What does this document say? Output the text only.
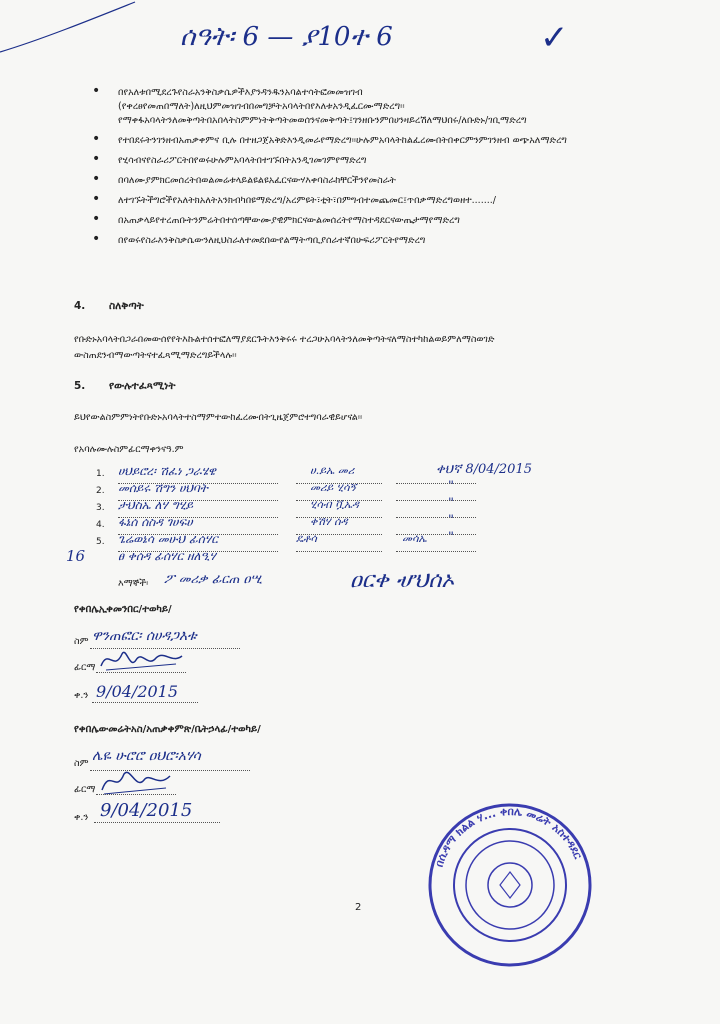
ሰዓት፡ 6 — ያ10ተ 6	✓
• በየአለቱበሚደረጉየስራአንቅስቃሴዎችእያንዳንዱንአባልተሳትፎመመዝገብ (የቀረፀየመጠበማለት)ለዚህምመዝገብበመግቻትአባላትበየእለቱአንዲፈርሙማድረግ፡፡የማቀፋአባላትንለመቅጣትበአበላትስምምነትቅጣትመወሰንናመቅጣት፤ገንዘቡንምበሀንዛይረሽለማህበሩ/ለቡድኑ/ገቢማድረግ
• የተበደሩትንገንዘብአጠቃቀምና ቢሉ በተዘጋጀአቅድእንዲመራየማድረግ፡፡ሁሉምአባላትከልፈረሙበትበቀርምንምገንዘብ ወጭአለማድረግ
• የሂሳብናየስራሪፖርትበየወሩሁሉምአባላትበተገኙበትአንዲገመገምየማድረግ
• በባለሙያምክርመሰረትበወልመሬቱላይልዩልዩአፈርናውሃእቀባስራከቸርችንየመስራት
• ለተገኙትችግሮችየአለትክአለትአንክብካበዩማድረግ/አረምዩት፣ቲት፣በምግብተመጨመር፤ጥበቃማድረግወዘተ......./
• በአጠቃላይየተረጠቡትንምሬትበተሰጣቸውሙያዊምክርናውልመሰረትየማስተዳደርናውጤታማየማድረግ
• በየወሩየስራእንቅስቃሴውንለዚህስራለተመደበውየልማትጣቢያሰራተኛበሁፍሪፖርትየማድረግ
4. ስለቅጣት
የቡድኑአባላትበጋራበመውሰየየትእኩልተሰተፎለማያደርጉትእንቅሩሩ ተረጋሁአባላትንለመቅጣትናለማስተካከልወይምለማስወገድ ውስጠደንብማውጣትናተፈጻሚማድረግይችላሉ፡፡
5. የውሉተፈጻሚነት
ይህየውልስምምነትየቡድኑአባላትተስማምተውከፈረሙበትጊዜጀምሮተግባራዊይሆናል፡፡
የአባሉሙሉስምፊርማቀንናዓ.ም
1. ሀህይሮረ፡ ሽፈነ ጋራሄዌ	ሀ.ይኤ መሪ	ቀህኛ 8/04/2015
2. መሰይሩ ሽግን ሀህባት	መሪይ ሂሳኝ	"
3. ታህስኤ ለሃ ግሂይ	ሂሳብ ቯኤዳ	"
4. ፋኔሰ ሰስዳ ገሀፍሀ	ቀሽሃ ሰዳ	"
5. ጌሬወኔሳ መሁህ ፊሰሃር	ዴቶሳ	መሳኤ "
16	ፀ ቀሰዳ ፊሰሃር ዘለዒሃ
እማኞች፡ ፖ መሪቃ ፊርጠ ዐሢ	ዐርቀ ሇህሰኦ
የቀበሌኢቀመንበር/ተወካይ/
ስም ዋንጠፎር፡ ሰሀዳጋእቱ
ፊርማ
ቀ.ን 9/04/2015
የቀበሌውመሬትአስ/አጠቃቀምጽ/ቤትኃላፊ/ተወካይ/
ስም ሌዬ ሁሮሮ ዐህሮ፡አሃሳ
ፊርማ
ቀ.ን 9/04/2015
በሲዳማ ክልል ሃ... ቀበሌ መሬት አስተዳደር
2
